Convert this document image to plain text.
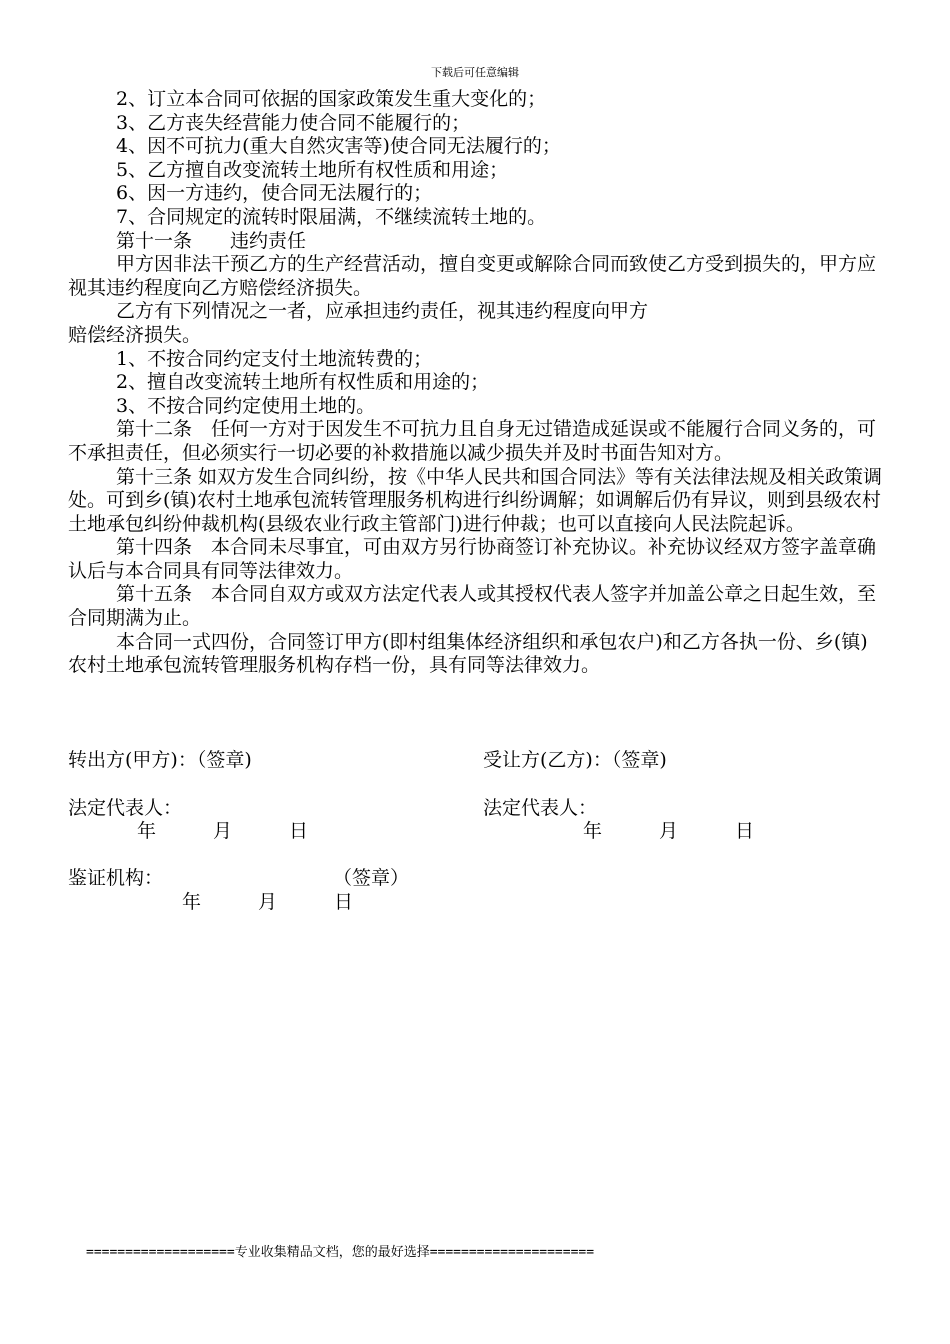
下载后可任意编辑

2、订立本合同可依据的国家政策发生重大变化的；

3、乙方丧失经营能力使合同不能履行的；

4、因不可抗力(重大自然灾害等)使合同无法履行的；

5、乙方擅自改变流转土地所有权性质和用途；

6、因一方违约，使合同无法履行的；

7、合同规定的流转时限届满，不继续流转土地的。

第十一条　　违约责任

甲方因非法干预乙方的生产经营活动，擅自变更或解除合同而致使乙方受到损失的，甲方应视其违约程度向乙方赔偿经济损失。

乙方有下列情况之一者，应承担违约责任，视其违约程度向甲方

赔偿经济损失。

1、不按合同约定支付土地流转费的；

2、擅自改变流转土地所有权性质和用途的；

3、不按合同约定使用土地的。

第十二条　任何一方对于因发生不可抗力且自身无过错造成延误或不能履行合同义务的，可不承担责任，但必须实行一切必要的补救措施以减少损失并及时书面告知对方。

第十三条 如双方发生合同纠纷，按《中华人民共和国合同法》等有关法律法规及相关政策调处。可到乡(镇)农村土地承包流转管理服务机构进行纠纷调解；如调解后仍有异议，则到县级农村土地承包纠纷仲裁机构(县级农业行政主管部门)进行仲裁；也可以直接向人民法院起诉。

第十四条　本合同未尽事宜，可由双方另行协商签订补充协议。补充协议经双方签字盖章确认后与本合同具有同等法律效力。

第十五条　本合同自双方或双方法定代表人或其授权代表人签字并加盖公章之日起生效，至合同期满为止。

本合同一式四份，合同签订甲方(即村组集体经济组织和承包农户)和乙方各执一份、乡(镇)农村土地承包流转管理服务机构存档一份，具有同等法律效力。

转出方(甲方)：（签章)	受让方(乙方)：（签章)
法定代表人：	法定代表人：
年　　　月　　　日	年　　　月　　　日
鉴证机构：	（签章）
年　　　月　　　日
===================专业收集精品文档，您的最好选择=====================
